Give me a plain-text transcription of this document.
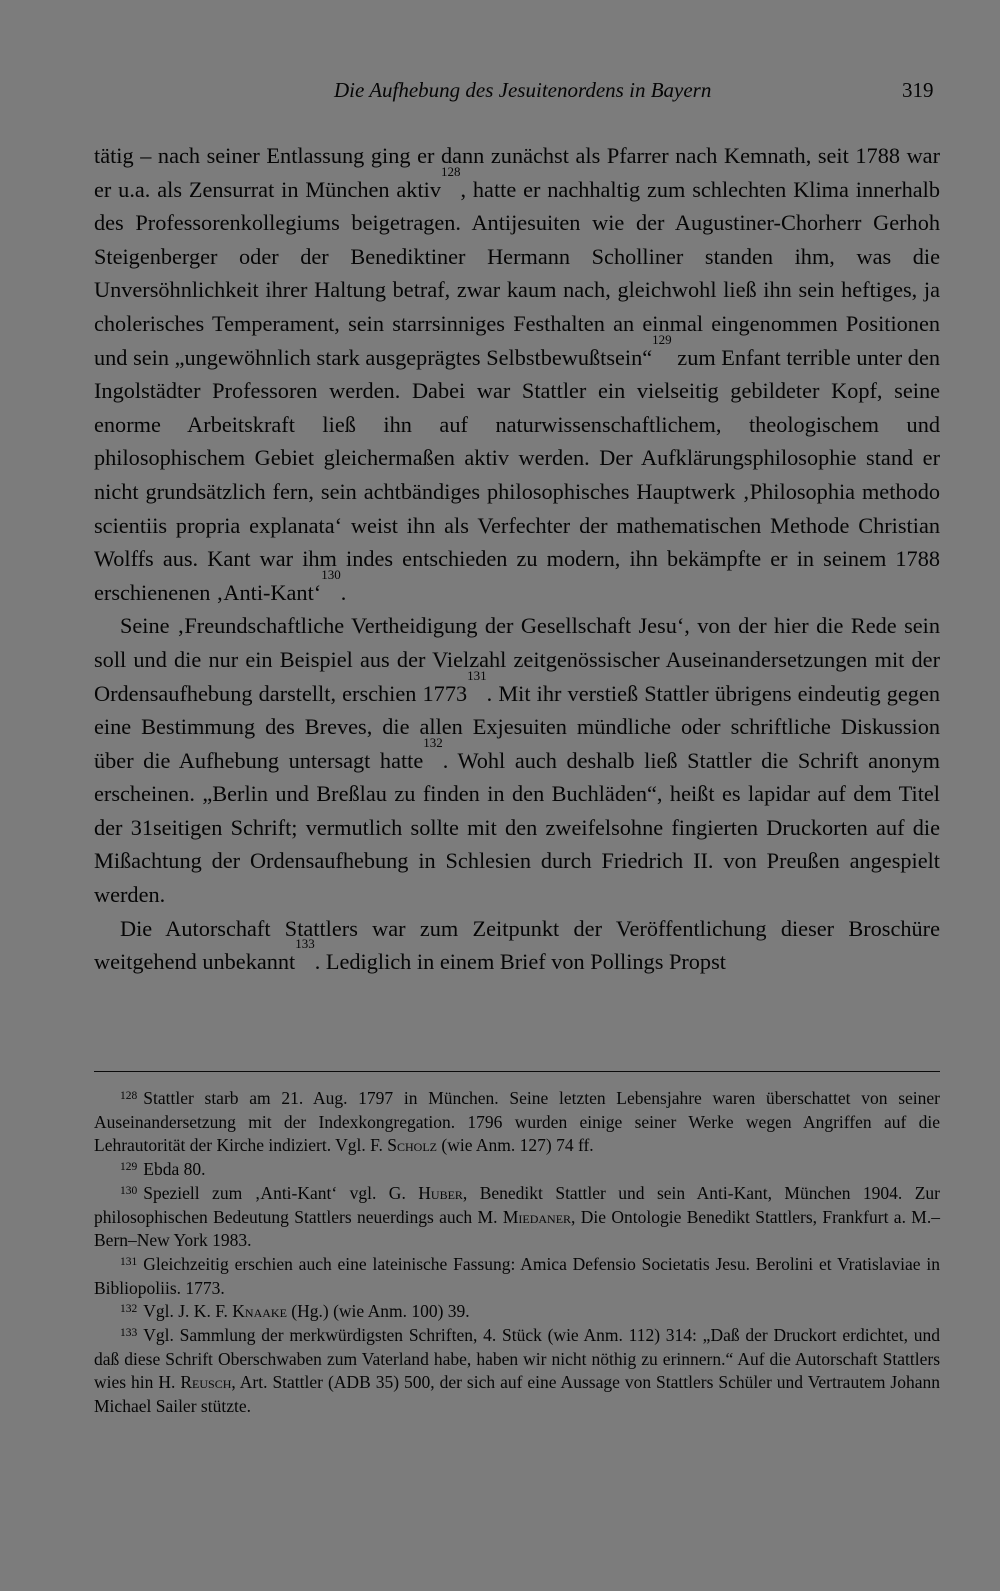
Die Aufhebung des Jesuitenordens in Bayern	319

tätig – nach seiner Entlassung ging er dann zunächst als Pfarrer nach Kemnath, seit 1788 war er u.a. als Zensurrat in München aktiv$^{128}$, hatte er nachhaltig zum schlechten Klima innerhalb des Professorenkollegiums beigetragen. Antijesuiten wie der Augustiner-Chorherr Gerhoh Steigenberger oder der Benediktiner Hermann Scholliner standen ihm, was die Unversöhnlichkeit ihrer Haltung betraf, zwar kaum nach, gleichwohl ließ ihn sein heftiges, ja cholerisches Temperament, sein starrsinniges Festhalten an einmal eingenommen Positionen und sein „ungewöhnlich stark ausgeprägtes Selbstbewußtsein“$^{129}$ zum Enfant terrible unter den Ingolstädter Professoren werden. Dabei war Stattler ein vielseitig gebildeter Kopf, seine enorme Arbeitskraft ließ ihn auf naturwissenschaftlichem, theologischem und philosophischem Gebiet gleichermaßen aktiv werden. Der Aufklärungsphilosophie stand er nicht grundsätzlich fern, sein achtbändiges philosophisches Hauptwerk ‚Philosophia methodo scientiis propria explanata‘ weist ihn als Verfechter der mathematischen Methode Christian Wolffs aus. Kant war ihm indes entschieden zu modern, ihn bekämpfte er in seinem 1788 erschienenen ‚Anti-Kant‘$^{130}$.

Seine ‚Freundschaftliche Vertheidigung der Gesellschaft Jesu‘, von der hier die Rede sein soll und die nur ein Beispiel aus der Vielzahl zeitgenössischer Auseinandersetzungen mit der Ordensaufhebung darstellt, erschien 1773$^{131}$. Mit ihr verstieß Stattler übrigens eindeutig gegen eine Bestimmung des Breves, die allen Exjesuiten mündliche oder schriftliche Diskussion über die Aufhebung untersagt hatte$^{132}$. Wohl auch deshalb ließ Stattler die Schrift anonym erscheinen. „Berlin und Breßlau zu finden in den Buchläden“, heißt es lapidar auf dem Titel der 31seitigen Schrift; vermutlich sollte mit den zweifelsohne fingierten Druckorten auf die Mißachtung der Ordensaufhebung in Schlesien durch Friedrich II. von Preußen angespielt werden.

Die Autorschaft Stattlers war zum Zeitpunkt der Veröffentlichung dieser Broschüre weitgehend unbekannt$^{133}$. Lediglich in einem Brief von Pollings Propst

$^{128}$ Stattler starb am 21. Aug. 1797 in München. Seine letzten Lebensjahre waren überschattet von seiner Auseinandersetzung mit der Indexkongregation. 1796 wurden einige seiner Werke wegen Angriffen auf die Lehrautorität der Kirche indiziert. Vgl. F. Scholz (wie Anm. 127) 74 ff.

$^{129}$ Ebda 80.

$^{130}$ Speziell zum ‚Anti-Kant‘ vgl. G. Huber, Benedikt Stattler und sein Anti-Kant, München 1904. Zur philosophischen Bedeutung Stattlers neuerdings auch M. Miedaner, Die Ontologie Benedikt Stattlers, Frankfurt a. M.–Bern–New York 1983.

$^{131}$ Gleichzeitig erschien auch eine lateinische Fassung: Amica Defensio Societatis Jesu. Berolini et Vratislaviae in Bibliopoliis. 1773.

$^{132}$ Vgl. J. K. F. Knaake (Hg.) (wie Anm. 100) 39.

$^{133}$ Vgl. Sammlung der merkwürdigsten Schriften, 4. Stück (wie Anm. 112) 314: „Daß der Druckort erdichtet, und daß diese Schrift Oberschwaben zum Vaterland habe, haben wir nicht nöthig zu erinnern.“ Auf die Autorschaft Stattlers wies hin H. Reusch, Art. Stattler (ADB 35) 500, der sich auf eine Aussage von Stattlers Schüler und Vertrautem Johann Michael Sailer stützte.
